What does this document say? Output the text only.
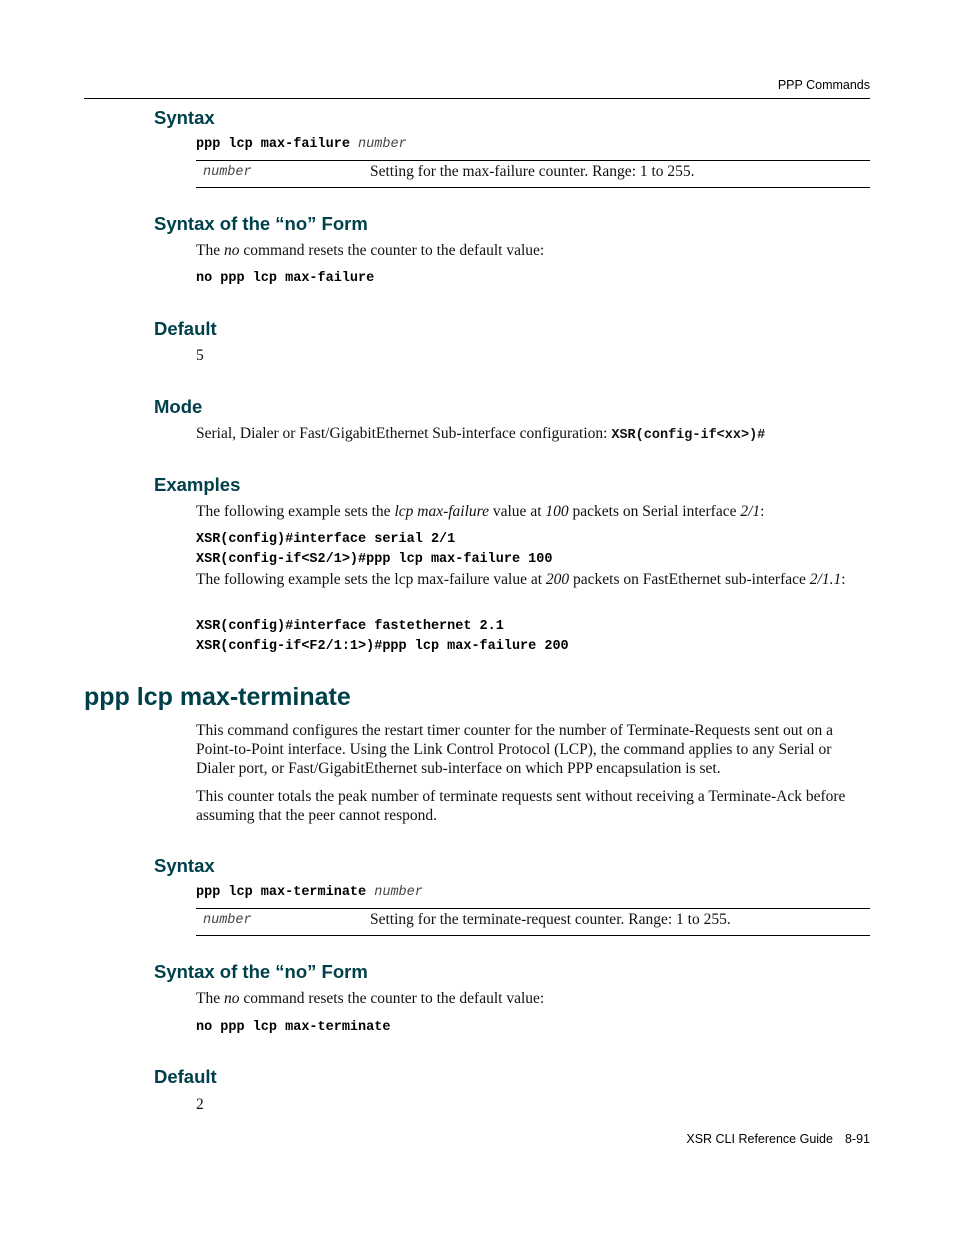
PPP Commands
Syntax
ppp lcp max-failure number
number	Setting for the max-failure counter. Range: 1 to 255.
Syntax of the “no” Form
The no command resets the counter to the default value:
no ppp lcp max-failure
Default
5
Mode
Serial, Dialer or Fast/GigabitEthernet Sub-interface configuration: XSR(config-if<xx>)#
Examples
The following example sets the lcp max-failure value at 100 packets on Serial interface 2/1:
XSR(config)#interface serial 2/1
XSR(config-if<S2/1>)#ppp lcp max-failure 100
The following example sets the lcp max-failure value at 200 packets on FastEthernet sub-interface 2/1.1:
XSR(config)#interface fastethernet 2.1
XSR(config-if<F2/1:1>)#ppp lcp max-failure 200
ppp lcp max-terminate
This command configures the restart timer counter for the number of Terminate-Requests sent out on a Point-to-Point interface. Using the Link Control Protocol (LCP), the command applies to any Serial or Dialer port, or Fast/GigabitEthernet sub-interface on which PPP encapsulation is set.
This counter totals the peak number of terminate requests sent without receiving a Terminate-Ack before assuming that the peer cannot respond.
Syntax
ppp lcp max-terminate number
number	Setting for the terminate-request counter. Range: 1 to 255.
Syntax of the “no” Form
The no command resets the counter to the default value:
no ppp lcp max-terminate
Default
2
XSR CLI Reference Guide 8-91
